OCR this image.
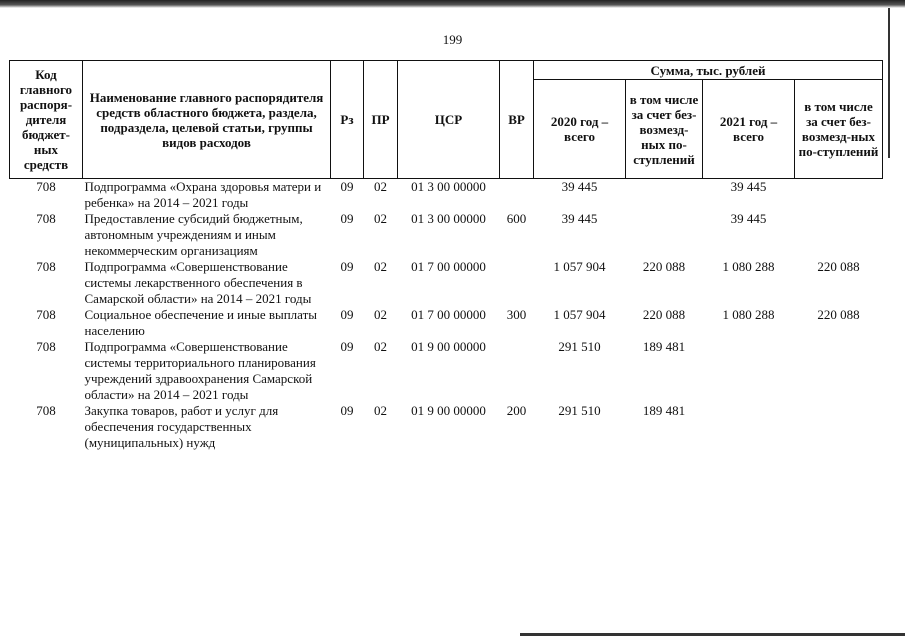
199
Код главного распоря-дителя бюджет-ных средств	Наименование главного распорядителя средств областного бюджета, раздела, подраздела, целевой статьи, группы видов расходов	Рз	ПР	ЦСР	ВР	Сумма, тыс. рублей			
						2020 год – всего	в том числе за счет без-возмезд-ных по-ступлений	2021 год – всего	в том числе за счет без-возмезд-ных по-ступлений
708	Подпрограмма «Охрана здоровья матери и ребенка» на 2014 – 2021 годы	09	02	01 3 00 00000		39 445		39 445	
708	Предоставление субсидий бюджетным, автономным учреждениям и иным некоммерческим организациям	09	02	01 3 00 00000	600	39 445		39 445	
708	Подпрограмма «Совершенствование системы лекарственного обеспечения в Самарской области» на 2014 – 2021 годы	09	02	01 7 00 00000		1 057 904	220 088	1 080 288	220 088
708	Социальное обеспечение и иные выплаты населению	09	02	01 7 00 00000	300	1 057 904	220 088	1 080 288	220 088
708	Подпрограмма «Совершенствование системы территориального планирования учреждений здравоохранения Самарской области» на 2014 – 2021 годы	09	02	01 9 00 00000		291 510	189 481		
708	Закупка товаров, работ и услуг для обеспечения государственных (муниципальных) нужд	09	02	01 9 00 00000	200	291 510	189 481		
